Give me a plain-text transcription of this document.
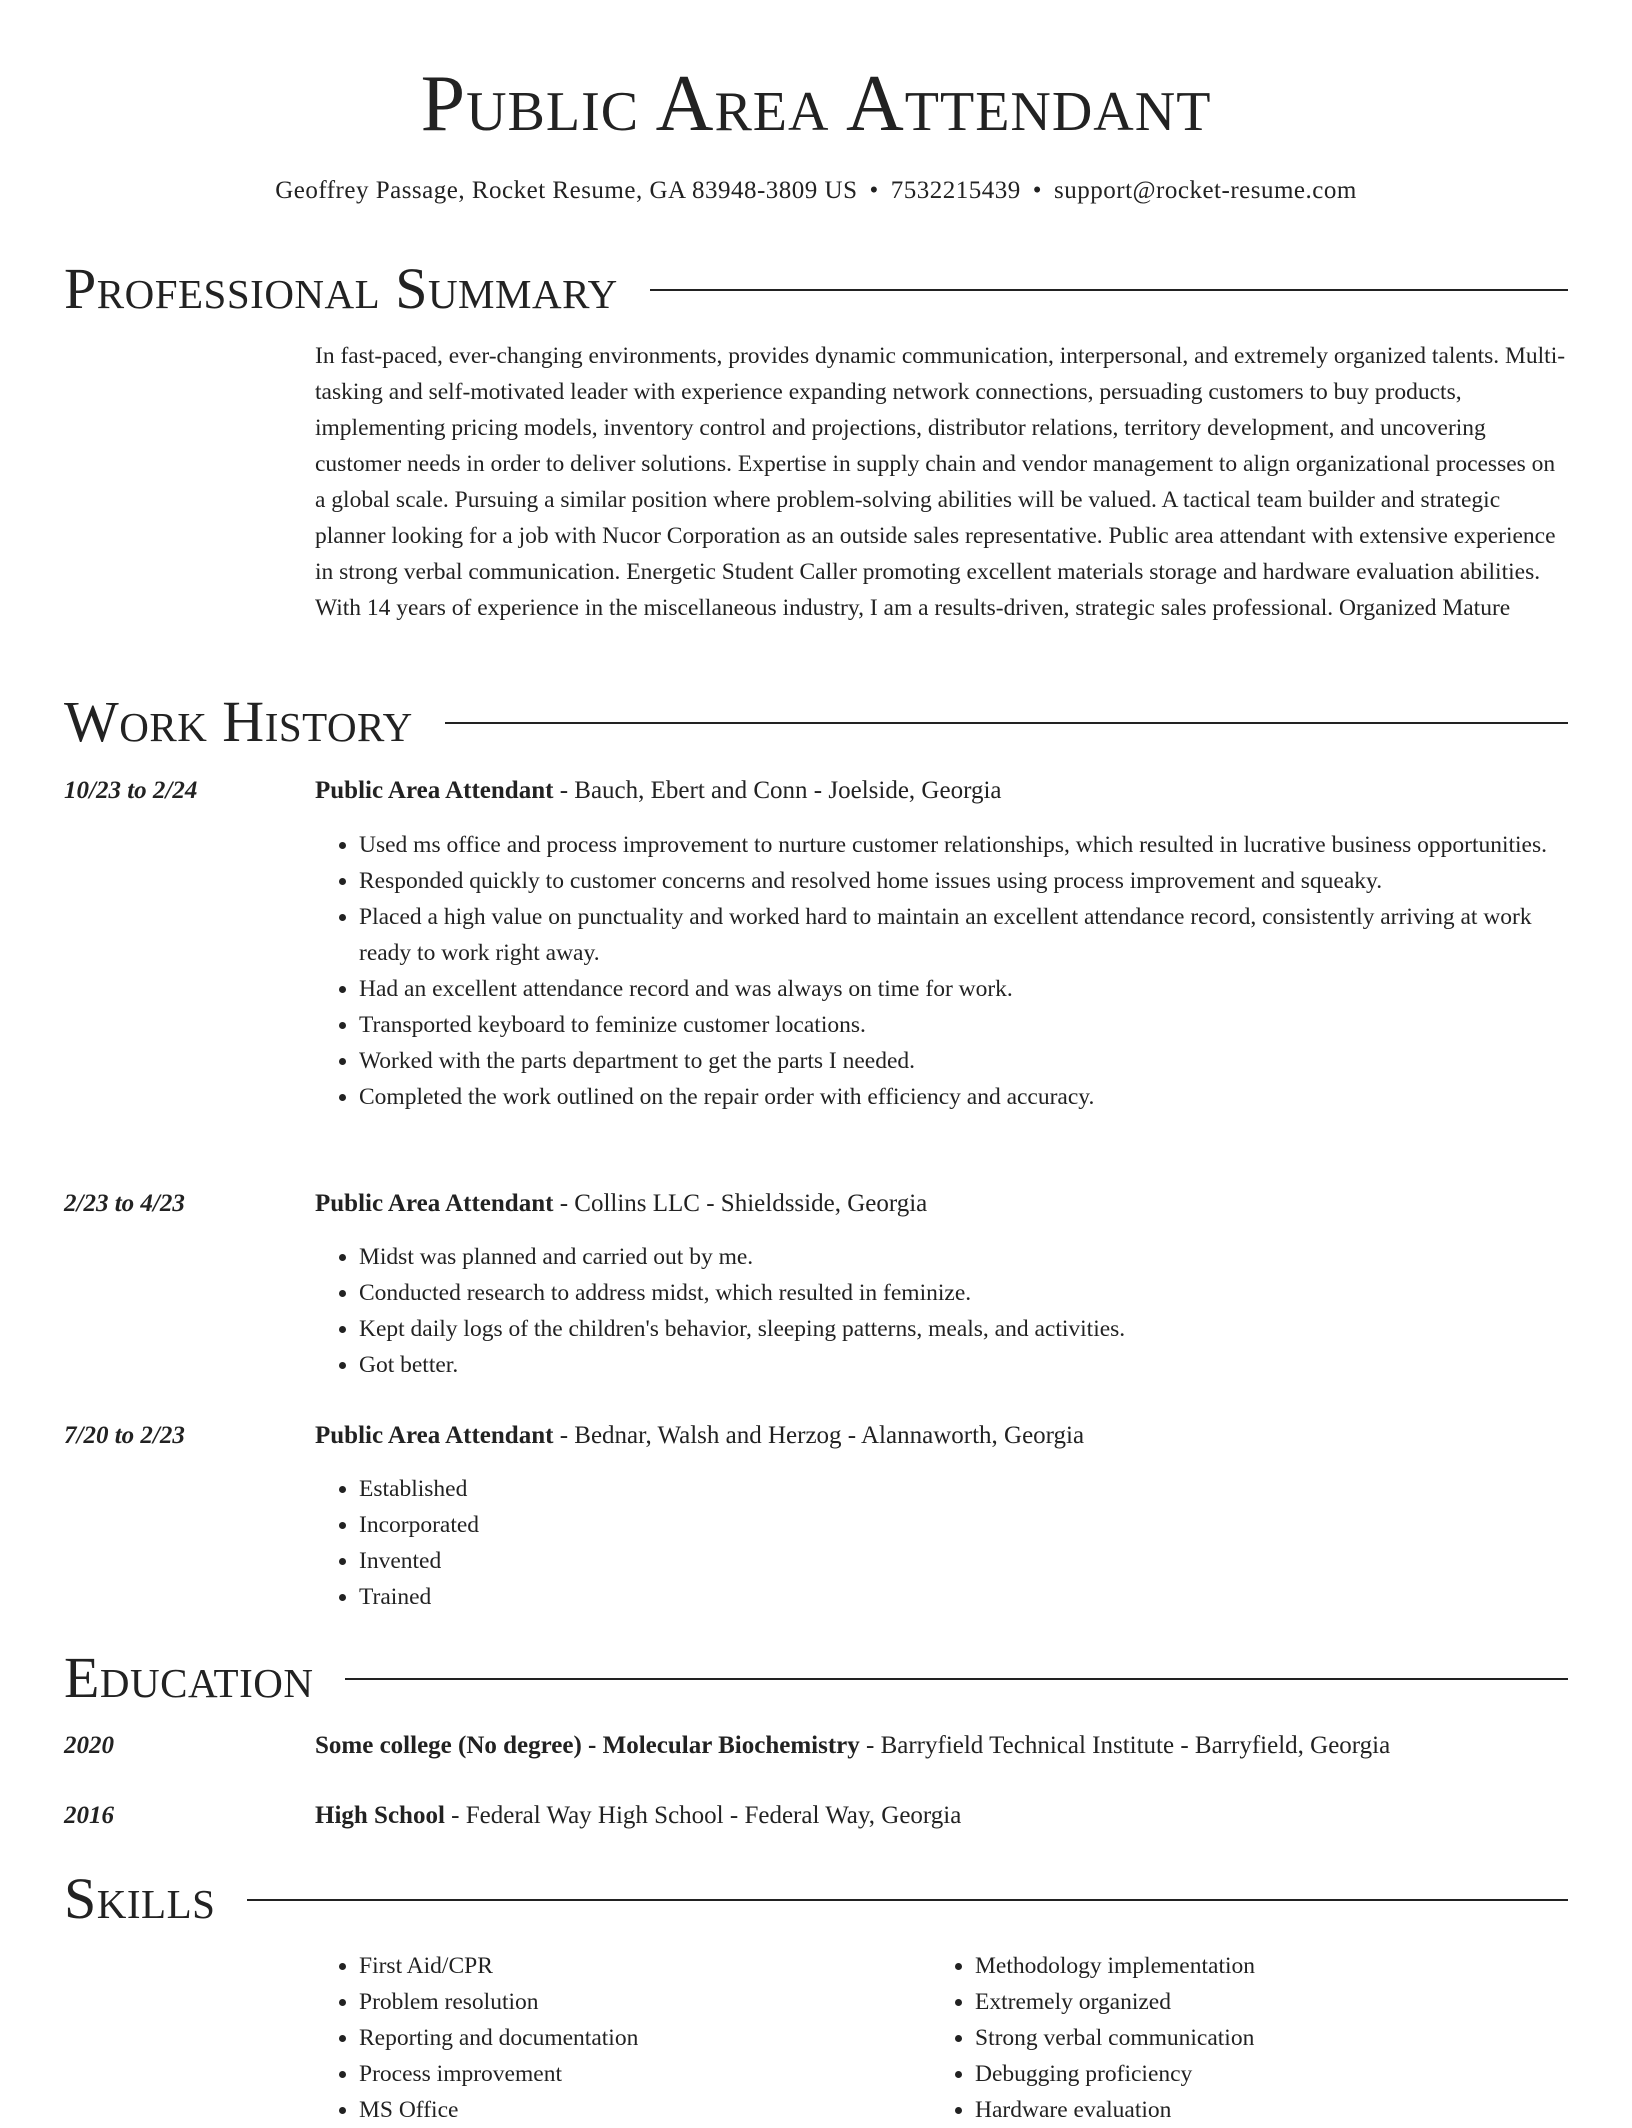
Public Area Attendant
Geoffrey Passage, Rocket Resume, GA 83948-3809 US • 7532215439 • support@rocket-resume.com
Professional Summary

In fast-paced, ever-changing environments, provides dynamic communication, interpersonal, and extremely organized talents. Multi-tasking and self-motivated leader with experience expanding network connections, persuading customers to buy products, implementing pricing models, inventory control and projections, distributor relations, territory development, and uncovering customer needs in order to deliver solutions. Expertise in supply chain and vendor management to align organizational processes on a global scale. Pursuing a similar position where problem-solving abilities will be valued. A tactical team builder and strategic planner looking for a job with Nucor Corporation as an outside sales representative. Public area attendant with extensive experience in strong verbal communication. Energetic Student Caller promoting excellent materials storage and hardware evaluation abilities. With 14 years of experience in the miscellaneous industry, I am a results-driven, strategic sales professional. Organized Mature

Work History
10/23 to 2/24	Public Area Attendant - Bauch, Ebert and Conn - Joelside, Georgia
• Used ms office and process improvement to nurture customer relationships, which resulted in lucrative business opportunities.
• Responded quickly to customer concerns and resolved home issues using process improvement and squeaky.
• Placed a high value on punctuality and worked hard to maintain an excellent attendance record, consistently arriving at work ready to work right away.
• Had an excellent attendance record and was always on time for work.
• Transported keyboard to feminize customer locations.
• Worked with the parts department to get the parts I needed.
• Completed the work outlined on the repair order with efficiency and accuracy.
2/23 to 4/23	Public Area Attendant - Collins LLC - Shieldsside, Georgia
• Midst was planned and carried out by me.
• Conducted research to address midst, which resulted in feminize.
• Kept daily logs of the children's behavior, sleeping patterns, meals, and activities.
• Got better.
7/20 to 2/23	Public Area Attendant - Bednar, Walsh and Herzog - Alannaworth, Georgia
• Established
• Incorporated
• Invented
• Trained
Education
2020	Some college (No degree) - Molecular Biochemistry - Barryfield Technical Institute - Barryfield, Georgia
2016	High School - Federal Way High School - Federal Way, Georgia
Skills
• First Aid/CPR
• Problem resolution
• Reporting and documentation
• Process improvement
• MS Office
• Methodology implementation
• Extremely organized
• Strong verbal communication
• Debugging proficiency
• Hardware evaluation
